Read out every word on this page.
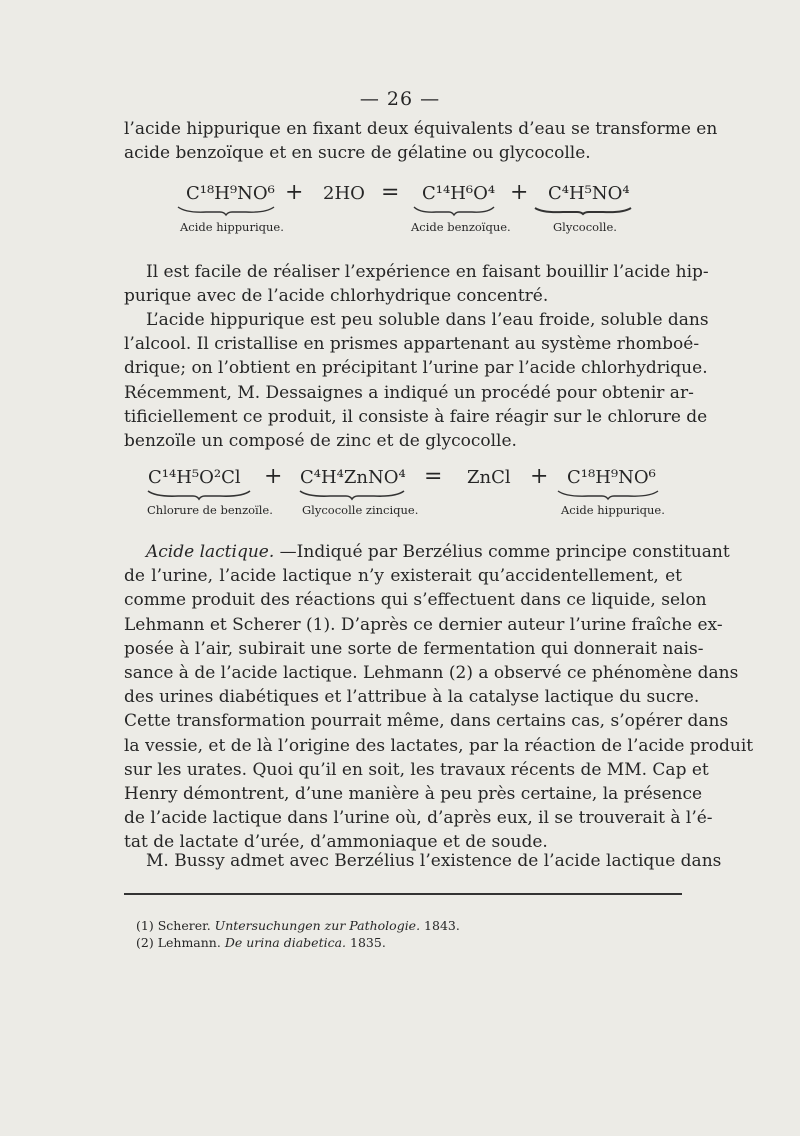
— 26 —
l’acide hippurique en fixant deux équivalents d’eau se transforme en
acide benzoïque et en sucre de gélatine ou glycocolle.
C¹⁸H⁹NO⁶ + 2HO = C¹⁴H⁶O⁴ + C⁴H⁵NO⁴
Acide hippurique.	Acide benzoïque.	Glycocolle.
Il est facile de réaliser l’expérience en faisant bouillir l’acide hip-
purique avec de l’acide chlorhydrique concentré.
L’acide hippurique est peu soluble dans l’eau froide, soluble dans
l’alcool. Il cristallise en prismes appartenant au système rhomboé-
drique; on l’obtient en précipitant l’urine par l’acide chlorhydrique.
Récemment, M. Dessaignes a indiqué un procédé pour obtenir ar-
tificiellement ce produit, il consiste à faire réagir sur le chlorure de
benzoïle un composé de zinc et de glycocolle.
C¹⁴H⁵O²Cl + C⁴H⁴ZnNO⁴ = ZnCl + C¹⁸H⁹NO⁶
Chlorure de benzoïle.	Glycocolle zincique.	Acide hippurique.
Acide lactique. —Indiqué par Berzélius comme principe constituant
de l’urine, l’acide lactique n’y existerait qu’accidentellement, et
comme produit des réactions qui s’effectuent dans ce liquide, selon
Lehmann et Scherer (1). D’après ce dernier auteur l’urine fraîche ex-
posée à l’air, subirait une sorte de fermentation qui donnerait nais-
sance à de l’acide lactique. Lehmann (2) a observé ce phénomène dans
des urines diabétiques et l’attribue à la catalyse lactique du sucre.
Cette transformation pourrait même, dans certains cas, s’opérer dans
la vessie, et de là l’origine des lactates, par la réaction de l’acide produit
sur les urates. Quoi qu’il en soit, les travaux récents de MM. Cap et
Henry démontrent, d’une manière à peu près certaine, la présence
de l’acide lactique dans l’urine où, d’après eux, il se trouverait à l’é-
tat de lactate d’urée, d’ammoniaque et de soude.
M. Bussy admet avec Berzélius l’existence de l’acide lactique dans
(1) Scherer. Untersuchungen zur Pathologie. 1843.
(2) Lehmann. De urina diabetica. 1835.
